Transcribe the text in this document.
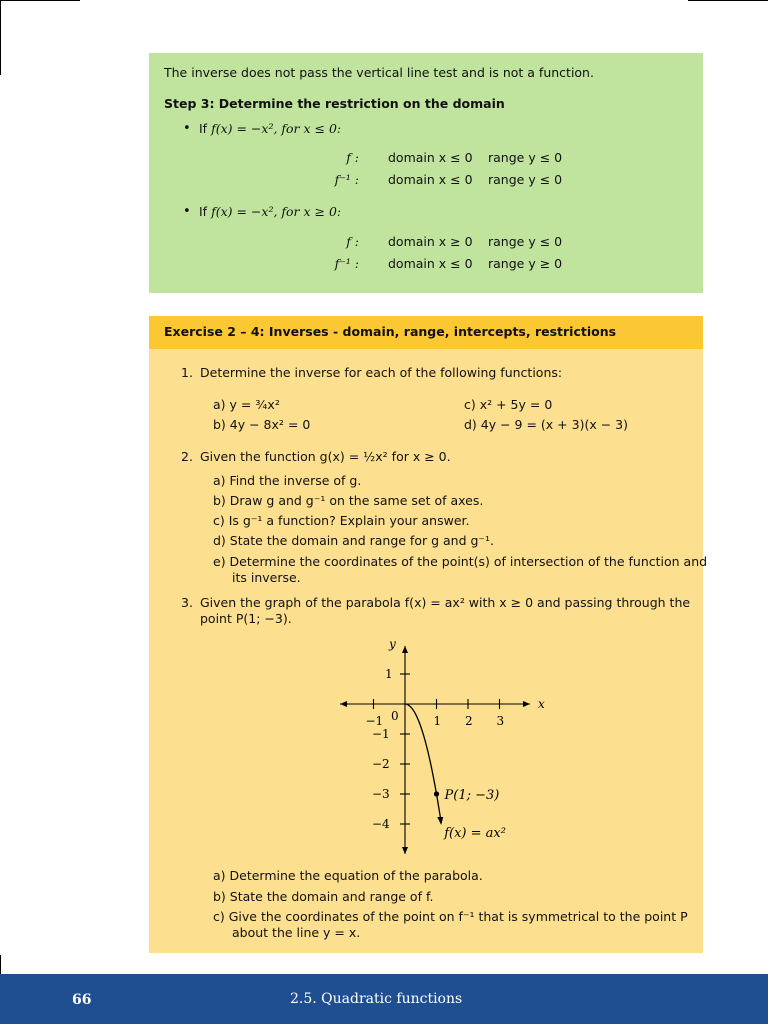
The inverse does not pass the vertical line test and is not a function.
Step 3: Determine the restriction on the domain
• If f(x) = −x², for x ≤ 0:
f : domain x ≤ 0 range y ≤ 0
f⁻¹ : domain x ≤ 0 range y ≤ 0
• If f(x) = −x², for x ≥ 0:
f : domain x ≥ 0 range y ≤ 0
f⁻¹ : domain x ≤ 0 range y ≥ 0
Exercise 2 – 4: Inverses - domain, range, intercepts, restrictions
1. Determine the inverse for each of the following functions:
a) y = ³⁄₄x²
b) 4y − 8x² = 0
c) x² + 5y = 0
d) 4y − 9 = (x + 3)(x − 3)
2. Given the function g(x) = ½x² for x ≥ 0.
a) Find the inverse of g.
b) Draw g and g⁻¹ on the same set of axes.
c) Is g⁻¹ a function? Explain your answer.
d) State the domain and range for g and g⁻¹.
e) Determine the coordinates of the point(s) of intersection of the function and
its inverse.
3. Given the graph of the parabola f(x) = ax² with x ≥ 0 and passing through the
point P(1; −3).
a) Determine the equation of the parabola.
b) State the domain and range of f.
c) Give the coordinates of the point on f⁻¹ that is symmetrical to the point P
about the line y = x.
−1	1 2 3
1
−1
−2
−3
−4
x
y
0
P(1; −3)
f(x) = ax²
66	2.5. Quadratic functions
